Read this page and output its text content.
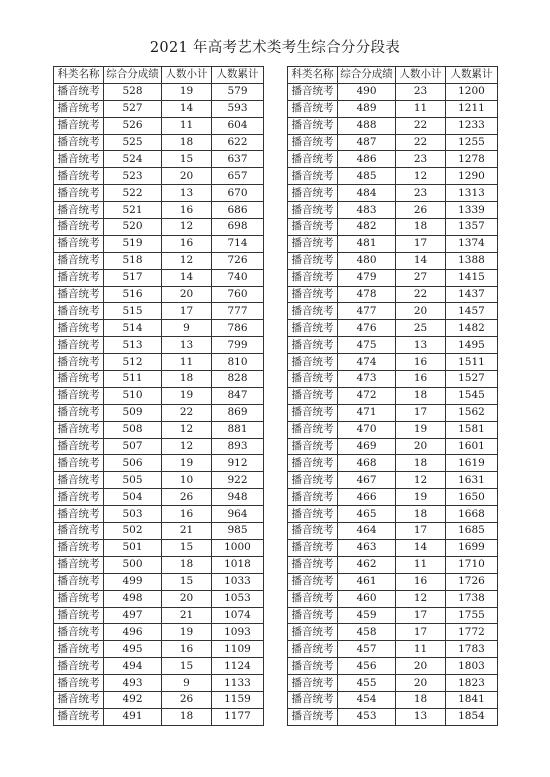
2021 年高考艺术类考生综合分分段表
科类名称	综合分成绩	人数小计	人数累计
播音统考	528	19	579
播音统考	527	14	593
播音统考	526	11	604
播音统考	525	18	622
播音统考	524	15	637
播音统考	523	20	657
播音统考	522	13	670
播音统考	521	16	686
播音统考	520	12	698
播音统考	519	16	714
播音统考	518	12	726
播音统考	517	14	740
播音统考	516	20	760
播音统考	515	17	777
播音统考	514	9	786
播音统考	513	13	799
播音统考	512	11	810
播音统考	511	18	828
播音统考	510	19	847
播音统考	509	22	869
播音统考	508	12	881
播音统考	507	12	893
播音统考	506	19	912
播音统考	505	10	922
播音统考	504	26	948
播音统考	503	16	964
播音统考	502	21	985
播音统考	501	15	1000
播音统考	500	18	1018
播音统考	499	15	1033
播音统考	498	20	1053
播音统考	497	21	1074
播音统考	496	19	1093
播音统考	495	16	1109
播音统考	494	15	1124
播音统考	493	9	1133
播音统考	492	26	1159
播音统考	491	18	1177
科类名称	综合分成绩	人数小计	人数累计
播音统考	490	23	1200
播音统考	489	11	1211
播音统考	488	22	1233
播音统考	487	22	1255
播音统考	486	23	1278
播音统考	485	12	1290
播音统考	484	23	1313
播音统考	483	26	1339
播音统考	482	18	1357
播音统考	481	17	1374
播音统考	480	14	1388
播音统考	479	27	1415
播音统考	478	22	1437
播音统考	477	20	1457
播音统考	476	25	1482
播音统考	475	13	1495
播音统考	474	16	1511
播音统考	473	16	1527
播音统考	472	18	1545
播音统考	471	17	1562
播音统考	470	19	1581
播音统考	469	20	1601
播音统考	468	18	1619
播音统考	467	12	1631
播音统考	466	19	1650
播音统考	465	18	1668
播音统考	464	17	1685
播音统考	463	14	1699
播音统考	462	11	1710
播音统考	461	16	1726
播音统考	460	12	1738
播音统考	459	17	1755
播音统考	458	17	1772
播音统考	457	11	1783
播音统考	456	20	1803
播音统考	455	20	1823
播音统考	454	18	1841
播音统考	453	13	1854
